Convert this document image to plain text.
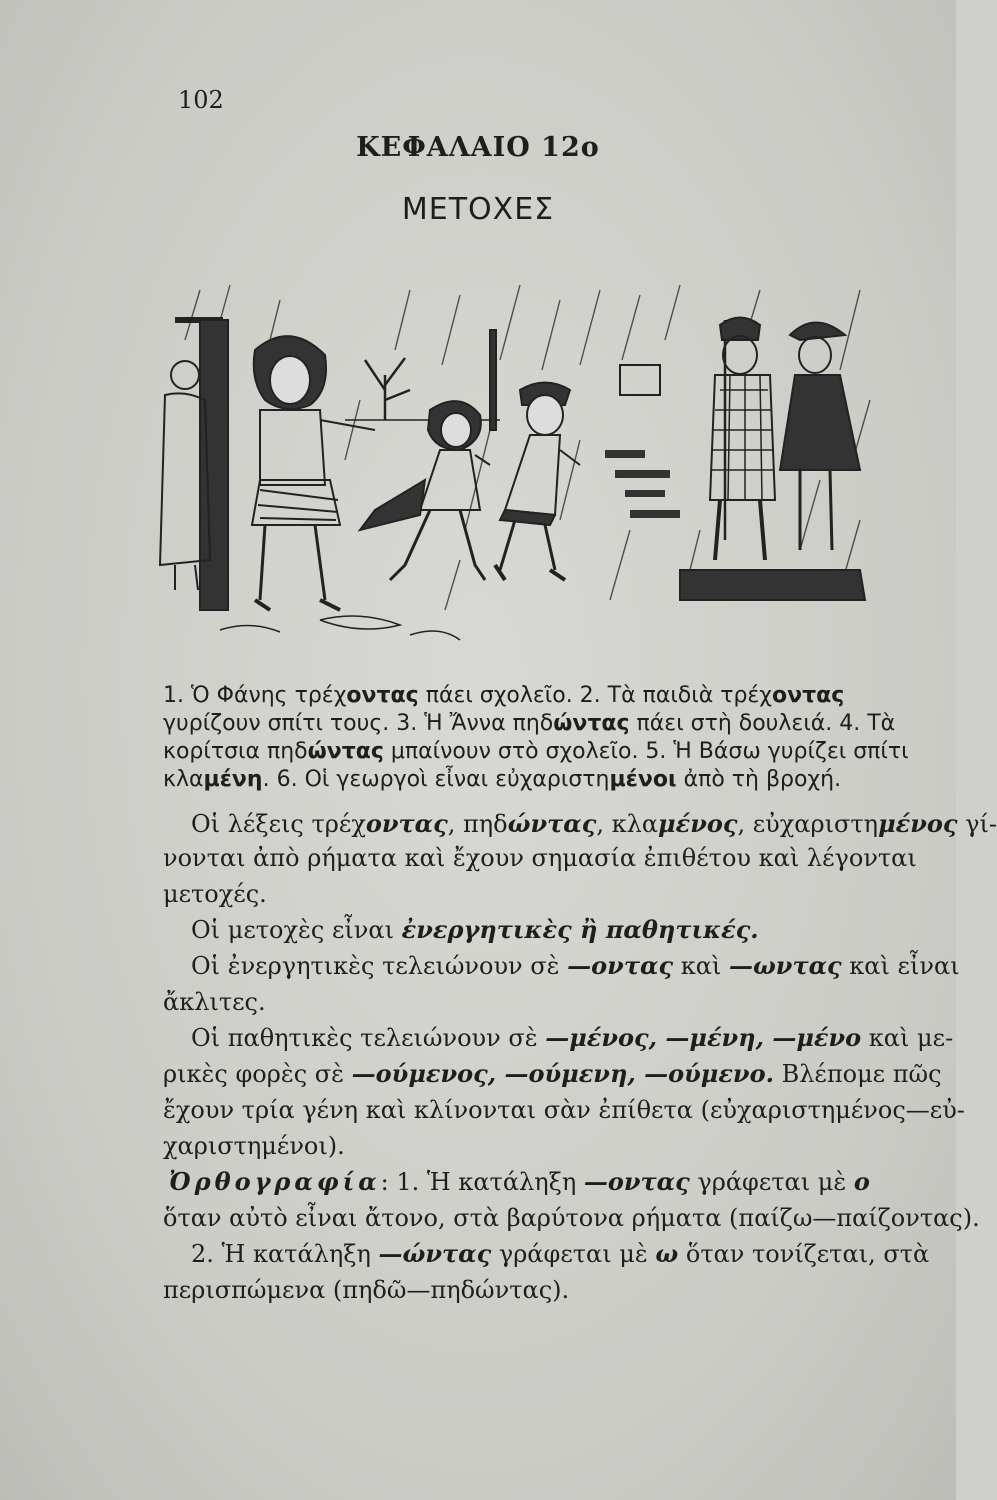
102
ΚΕΦΑΛΑΙΟ 12ο
ΜΕΤΟΧΕΣ
1. Ὁ Φάνης τρέχοντας πάει σχολεῖο. 2. Τὰ παιδιὰ τρέχοντας
γυρίζουν σπίτι τους. 3. Ἡ Ἄννα πηδώντας πάει στὴ δουλειά. 4. Τὰ
κορίτσια πηδώντας μπαίνουν στὸ σχολεῖο. 5. Ἡ Βάσω γυρίζει σπίτι
κλαμένη. 6. Οἱ γεωργοὶ εἶναι εὐχαριστημένοι ἀπὸ τὴ βροχή.
Οἱ λέξεις τρέχοντας, πηδώντας, κλαμένος, εὐχαριστημένος γί-
νονται ἀπὸ ρήματα καὶ ἔχουν σημασία ἐπιθέτου καὶ λέγονται
μετοχές.
Οἱ μετοχὲς εἶναι ἐνεργητικὲς ἢ παθητικές.
Οἱ ἐνεργητικὲς τελειώνουν σὲ —οντας καὶ —ωντας καὶ εἶναι
ἄκλιτες.
Οἱ παθητικὲς τελειώνουν σὲ —μένος, —μένη, —μένο καὶ με-
ρικὲς φορὲς σὲ —ούμενος, —ούμενη, —ούμενο. Βλέπομε πῶς
ἔχουν τρία γένη καὶ κλίνονται σὰν ἐπίθετα (εὐχαριστημένος—εὐ-
χαριστημένοι).
Ὀρθογραφία: 1. Ἡ κατάληξη —οντας γράφεται μὲ ο
ὅταν αὐτὸ εἶναι ἄτονο, στὰ βαρύτονα ρήματα (παίζω—παίζοντας).
2. Ἡ κατάληξη —ώντας γράφεται μὲ ω ὅταν τονίζεται, στὰ
περισπώμενα (πηδῶ—πηδώντας).
